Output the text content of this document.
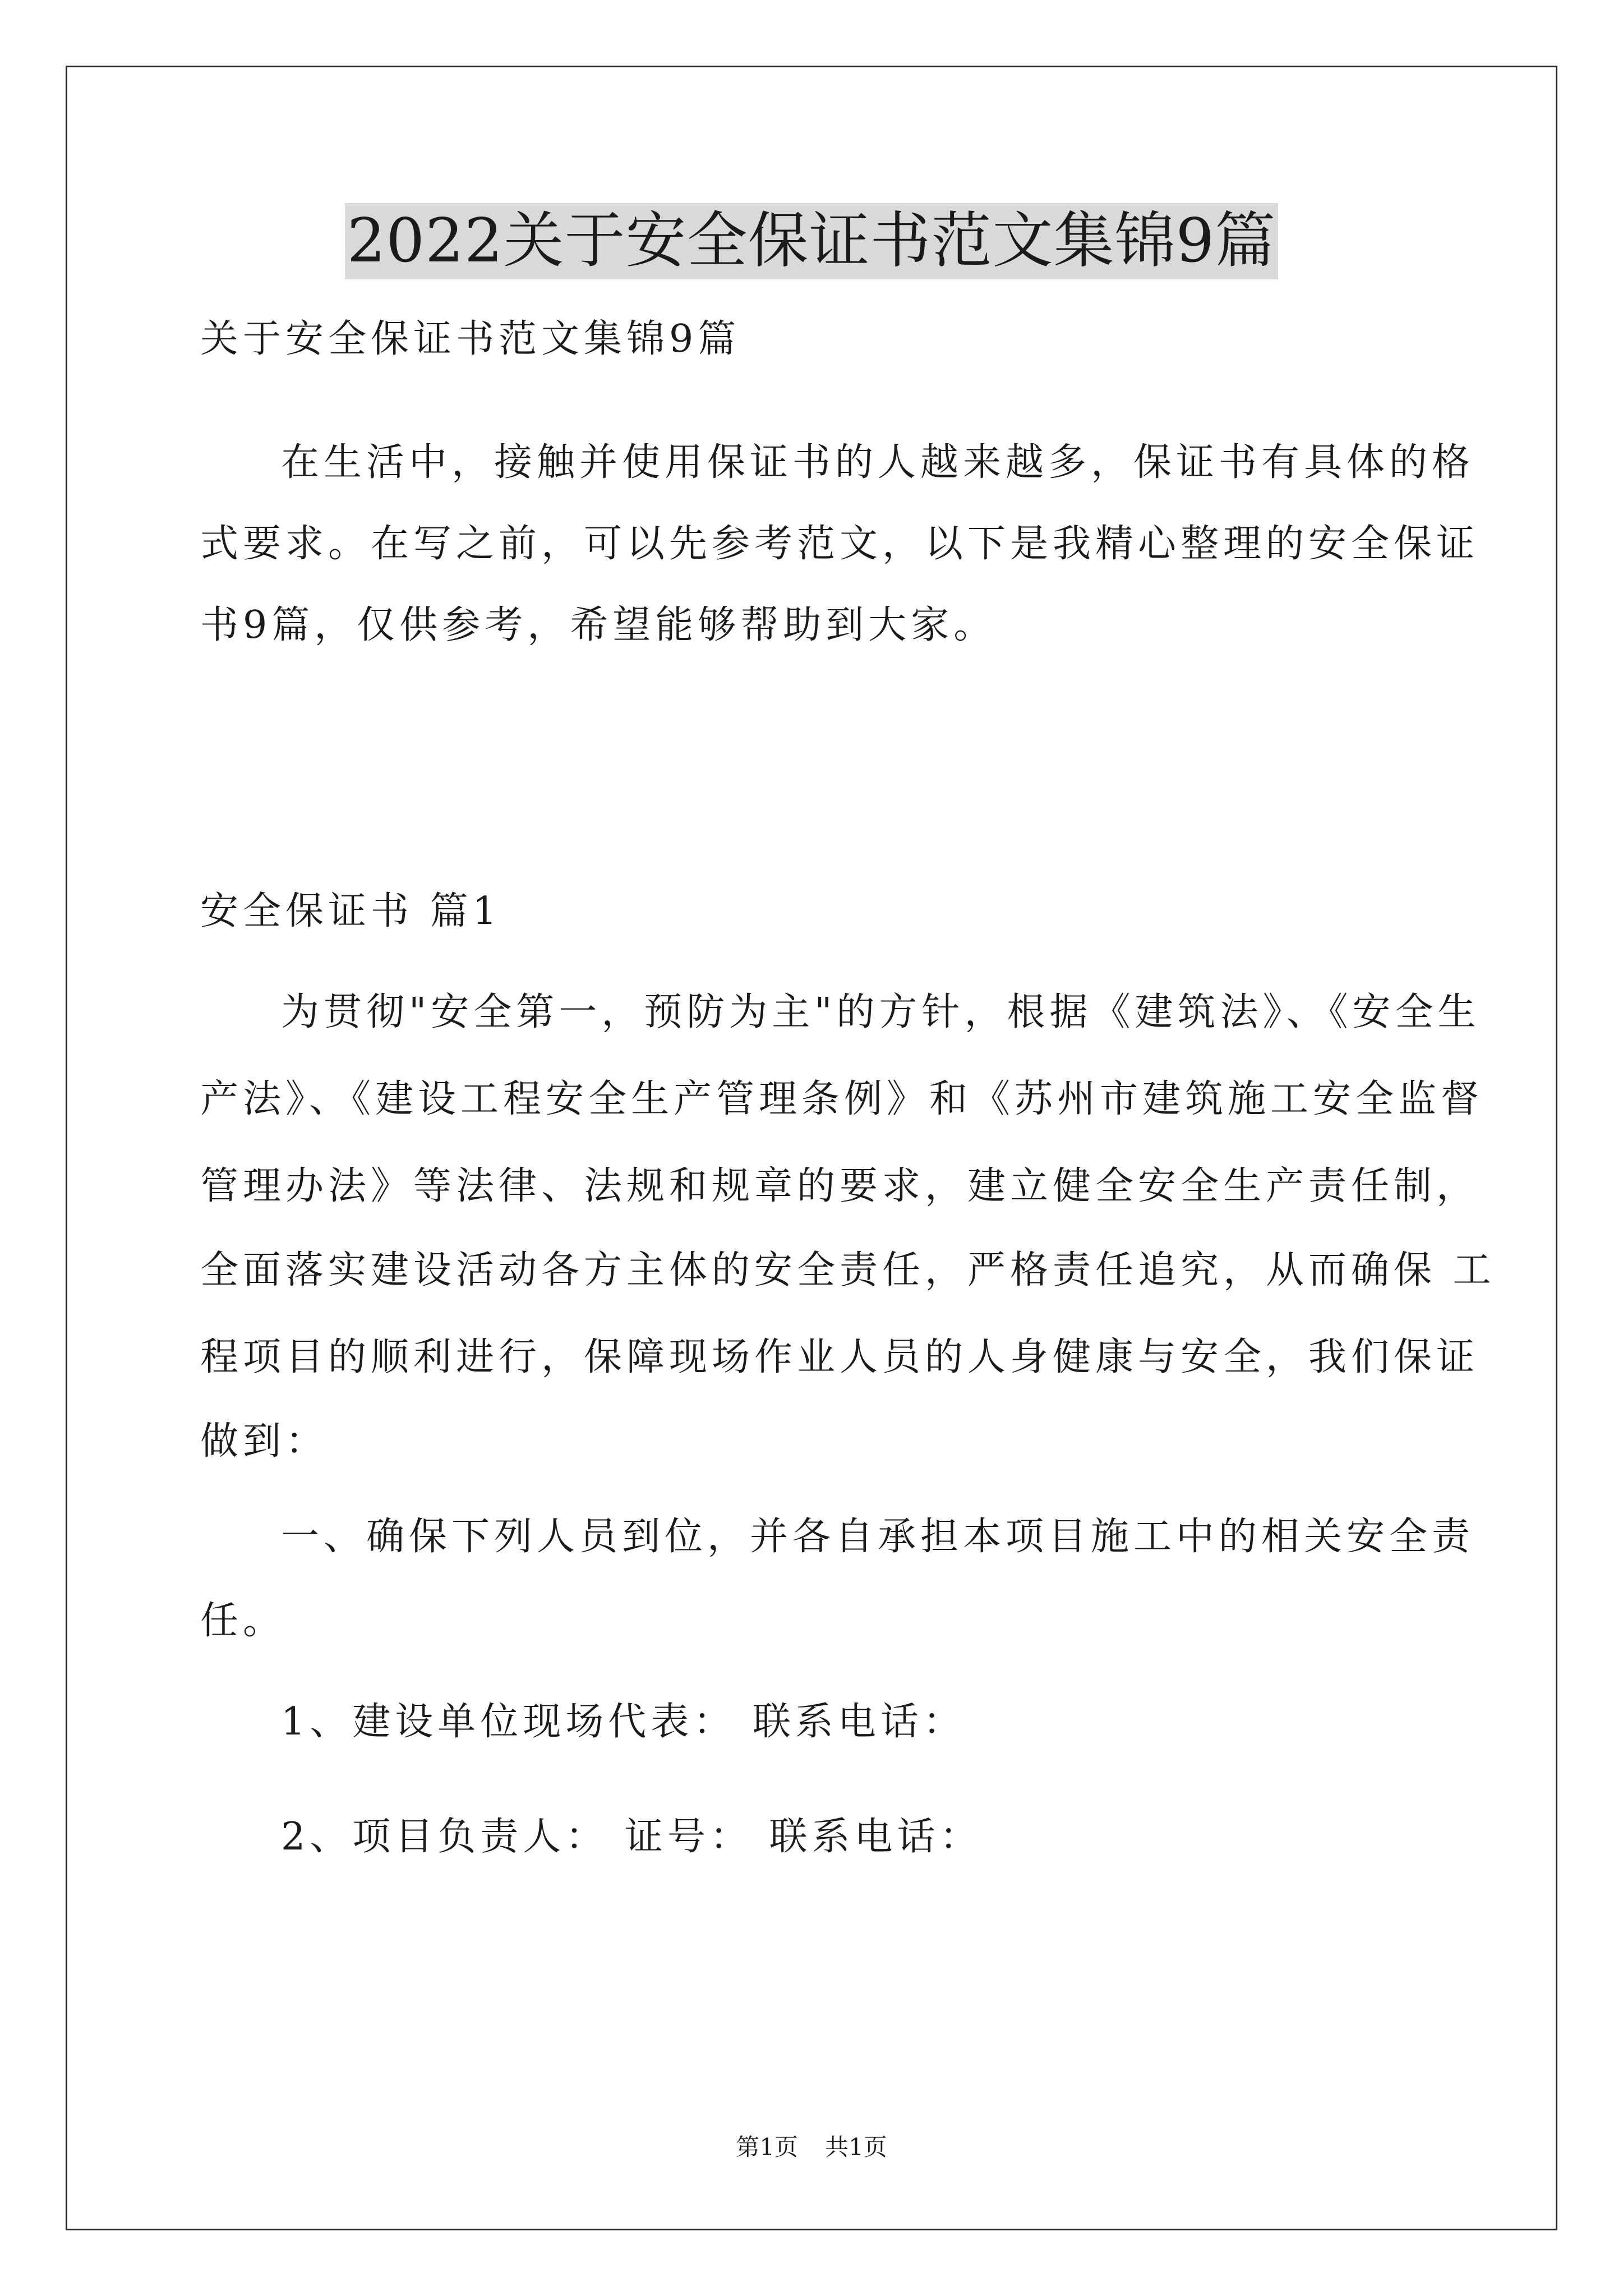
2022关于安全保证书范文集锦9篇
关于安全保证书范文集锦9篇
在生活中，接触并使用保证书的人越来越多，保证书有具体的格
式要求。在写之前，可以先参考范文，以下是我精心整理的安全保证
书9篇，仅供参考，希望能够帮助到大家。
安全保证书 篇1
为贯彻"安全第一，预防为主"的方针，根据《建筑法》、《安全生
产法》、《建设工程安全生产管理条例》和《苏州市建筑施工安全监督
管理办法》等法律、法规和规章的要求，建立健全安全生产责任制，
全面落实建设活动各方主体的安全责任，严格责任追究，从而确保 工
程项目的顺利进行，保障现场作业人员的人身健康与安全，我们保证
做到：
一、确保下列人员到位，并各自承担本项目施工中的相关安全责
任。
1、建设单位现场代表： 联系电话：
2、项目负责人： 证号： 联系电话：
第1页 共1页
